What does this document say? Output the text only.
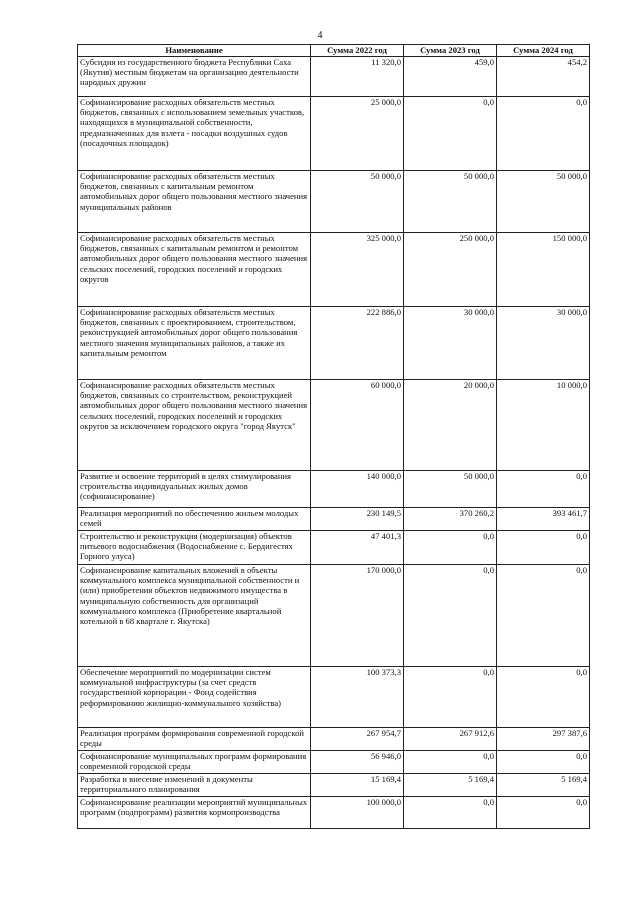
4
Наименование	Сумма 2022 год	Сумма 2023 год	Сумма 2024 год
Субсидия из государственного бюджета Республики Саха (Якутия) местным бюджетам на организацию деятельности народных дружин	11 320,0	459,0	454,2
Софинансирование расходных обязательств местных бюджетов, связанных с использованием земельных участков, находящихся в муниципальной собственности, предназначенных для взлета - посадки воздушных судов (посадочных площадок)	25 000,0	0,0	0,0
Софинансирование расходных обязательств местных бюджетов, связанных с капитальным ремонтом автомобильных дорог общего пользования местного значения муниципальных районов	50 000,0	50 000,0	50 000,0
Софинансирование расходных обязательств местных бюджетов, связанных с капитальным ремонтом и ремонтом автомобильных дорог общего пользования местного значения сельских поселений, городских поселений и городских округов	325 000,0	250 000,0	150 000,0
Софинансирование расходных обязательств местных бюджетов, связанных с проектированием, строительством, реконструкцией автомобильных дорог общего пользования местного значения муниципальных районов, а также их капитальным ремонтом	222 886,0	30 000,0	30 000,0
Софинансирование расходных обязательств местных бюджетов, связанных со строительством, реконструкцией автомобильных дорог общего пользования местного значения сельских поселений, городских поселений и городских округов за исключением городского округа "город Якутск"	60 000,0	20 000,0	10 000,0
Развитие и освоение территорий в целях стимулирования строительства индивидуальных жилых домов (софинансирование)	140 000,0	50 000,0	0,0
Реализация мероприятий по обеспечению жильем молодых семей	230 149,5	370 260,2	393 461,7
Строительство и реконструкция (модернизация) объектов питьевого водоснабжения (Водоснабжение с. Бердигестях Горного улуса)	47 401,3	0,0	0,0
Софинансирование капитальных вложений в объекты коммунального комплекса муниципальной собственности и (или) приобретения объектов недвижимого имущества в муниципальную собственность для организаций коммунального комплекса (Приобретение квартальной котельной в 68 квартале г. Якутска)	170 000,0	0,0	0,0
Обеспечение мероприятий по модернизации систем коммунальной инфраструктуры (за счет средств государственной корпорации - Фонд содействия реформированию жилищно-коммунального хозяйства)	100 373,3	0,0	0,0
Реализация программ формирования современной городской среды	267 954,7	267 912,6	297 387,6
Софинансирование муниципальных программ формирования современной городской среды	56 946,0	0,0	0,0
Разработка и внесение изменений в документы территориального планирования	15 169,4	5 169,4	5 169,4
Софинансирование реализации мероприятий муниципальных программ (подпрограмм) развития кормопроизводства	100 000,0	0,0	0,0
